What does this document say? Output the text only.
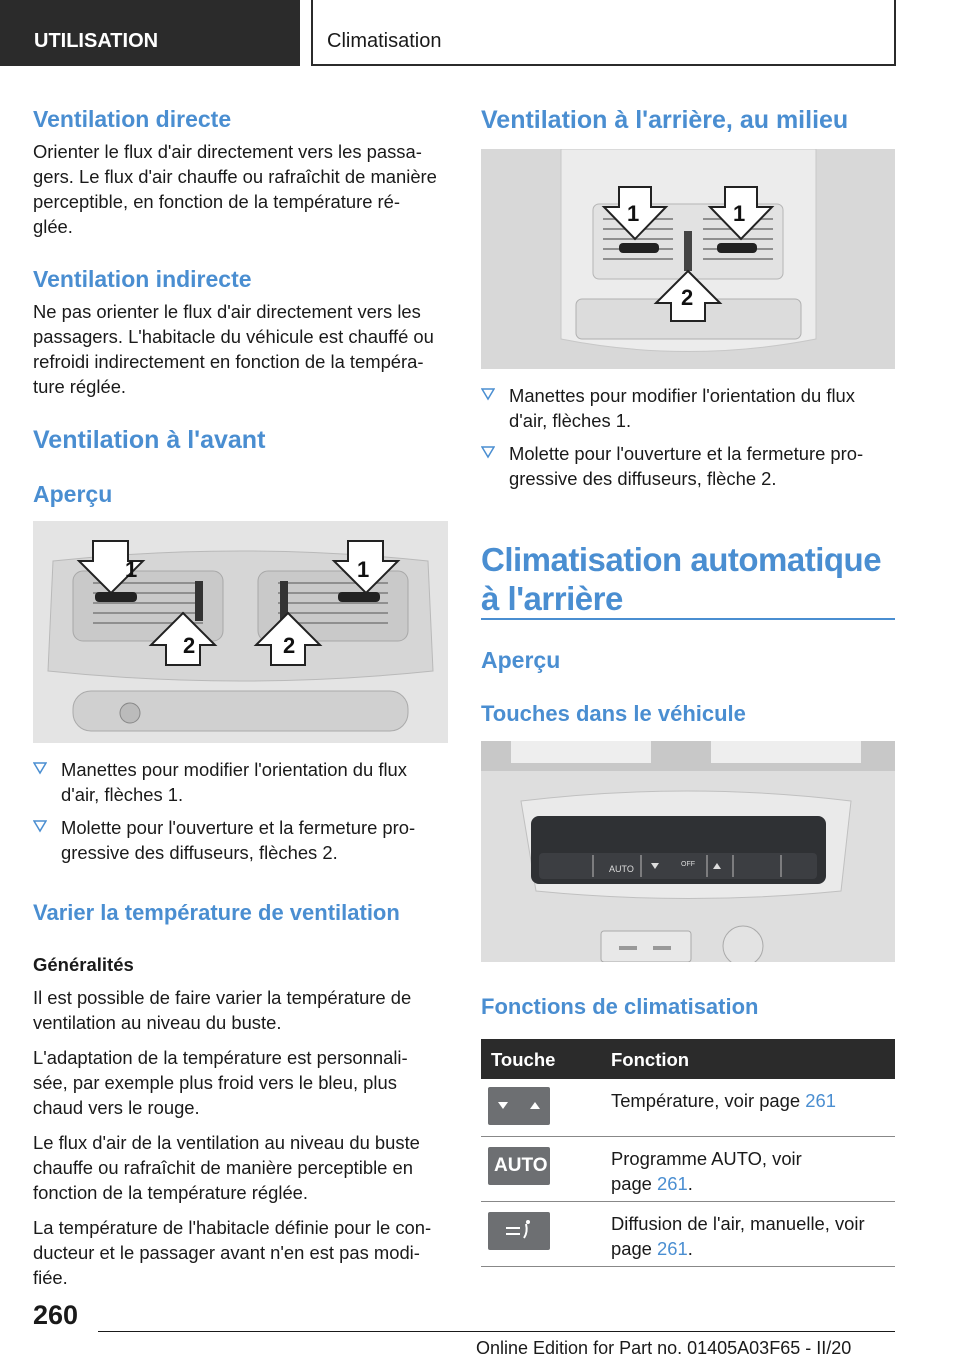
UTILISATION	Climatisation
Ventilation directe
Orienter le flux d'air directement vers les passa-
gers. Le flux d'air chauffe ou rafraîchit de manière
perceptible, en fonction de la température ré-
glée.
Ventilation indirecte
Ne pas orienter le flux d'air directement vers les
passagers. L'habitacle du véhicule est chauffé ou
refroidi indirectement en fonction de la tempéra-
ture réglée.
Ventilation à l'avant
Aperçu
1	1
2	2
Manettes pour modifier l'orientation du flux
d'air, flèches 1.
Molette pour l'ouverture et la fermeture pro-
gressive des diffuseurs, flèches 2.
Varier la température de ventilation
Généralités
Il est possible de faire varier la température de
ventilation au niveau du buste.
L'adaptation de la température est personnali-
sée, par exemple plus froid vers le bleu, plus
chaud vers le rouge.
Le flux d'air de la ventilation au niveau du buste
chauffe ou rafraîchit de manière perceptible en
fonction de la température réglée.
La température de l'habitacle définie pour le con-
ducteur et le passager avant n'en est pas modi-
fiée.
Ventilation à l'arrière, au milieu
1	1
2
Manettes pour modifier l'orientation du flux
d'air, flèches 1.
Molette pour l'ouverture et la fermeture pro-
gressive des diffuseurs, flèche 2.
Climatisation automatique
à l'arrière
Aperçu
Touches dans le véhicule
AUTO	OFF
Fonctions de climatisation
Touche	Fonction
Température, voir page 261
AUTO	Programme AUTO, voir
page 261.
Diffusion de l'air, manuelle, voir
page 261.
260
Online Edition for Part no. 01405A03F65 - II/20
